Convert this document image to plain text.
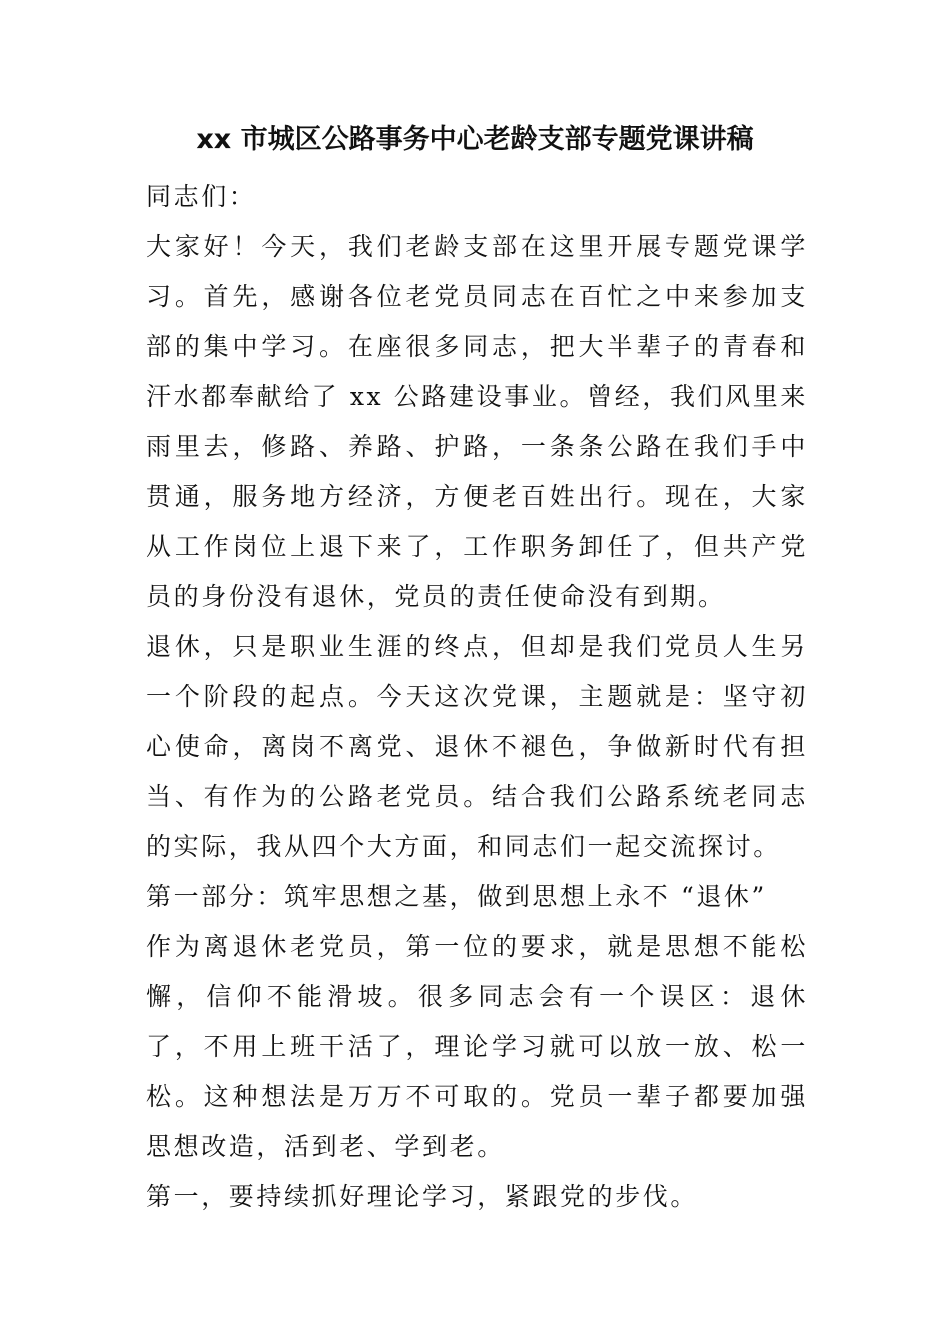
xx 市城区公路事务中心老龄支部专题党课讲稿

同志们：

大家好！今天，我们老龄支部在这里开展专题党课学习。首先，感谢各位老党员同志在百忙之中来参加支部的集中学习。在座很多同志，把大半辈子的青春和汗水都奉献给了 xx 公路建设事业。曾经，我们风里来雨里去，修路、养路、护路，一条条公路在我们手中贯通，服务地方经济，方便老百姓出行。现在，大家从工作岗位上退下来了，工作职务卸任了，但共产党员的身份没有退休，党员的责任使命没有到期。

退休，只是职业生涯的终点，但却是我们党员人生另一个阶段的起点。今天这次党课，主题就是：坚守初心使命，离岗不离党、退休不褪色，争做新时代有担当、有作为的公路老党员。结合我们公路系统老同志的实际，我从四个大方面，和同志们一起交流探讨。

第一部分：筑牢思想之基，做到思想上永不 “退休”

作为离退休老党员，第一位的要求，就是思想不能松懈，信仰不能滑坡。很多同志会有一个误区：退休了，不用上班干活了，理论学习就可以放一放、松一松。这种想法是万万不可取的。党员一辈子都要加强思想改造，活到老、学到老。

第一，要持续抓好理论学习，紧跟党的步伐。
